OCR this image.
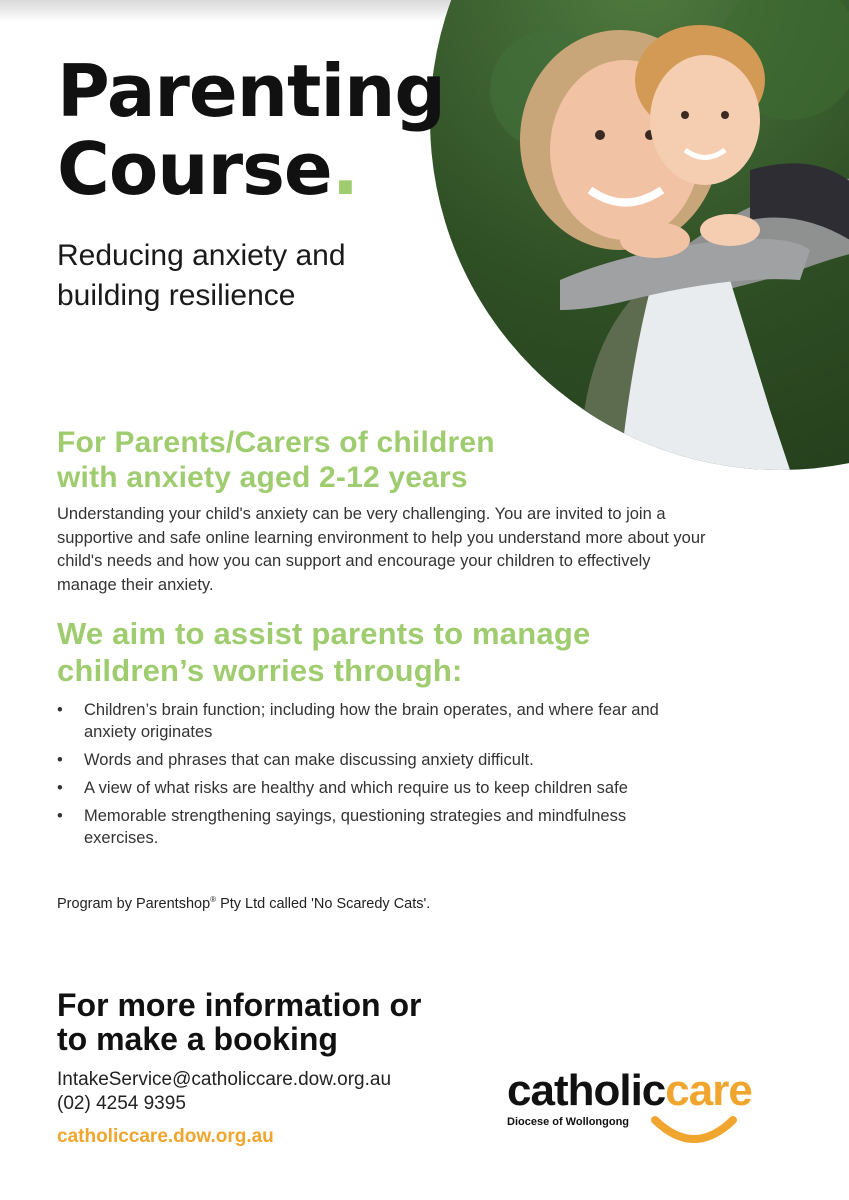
Parenting
Course.
Reducing anxiety and
building resilience
For Parents/Carers of children
with anxiety aged 2-12 years

Understanding your child's anxiety can be very challenging. You are invited to join a supportive and safe online learning environment to help you understand more about your child's needs and how you can support and encourage your children to effectively manage their anxiety.

We aim to assist parents to manage
children’s worries through:
• Children’s brain function; including how the brain operates, and where fear and anxiety originates
• Words and phrases that can make discussing anxiety difficult.
• A view of what risks are healthy and which require us to keep children safe
• Memorable strengthening sayings, questioning strategies and mindfulness exercises.

Program by Parentshop® Pty Ltd called 'No Scaredy Cats'.

For more information or
to make a booking
IntakeService@catholiccare.dow.org.au
(02) 4254 9395
catholiccare.dow.org.au
catholiccare
Diocese of Wollongong
